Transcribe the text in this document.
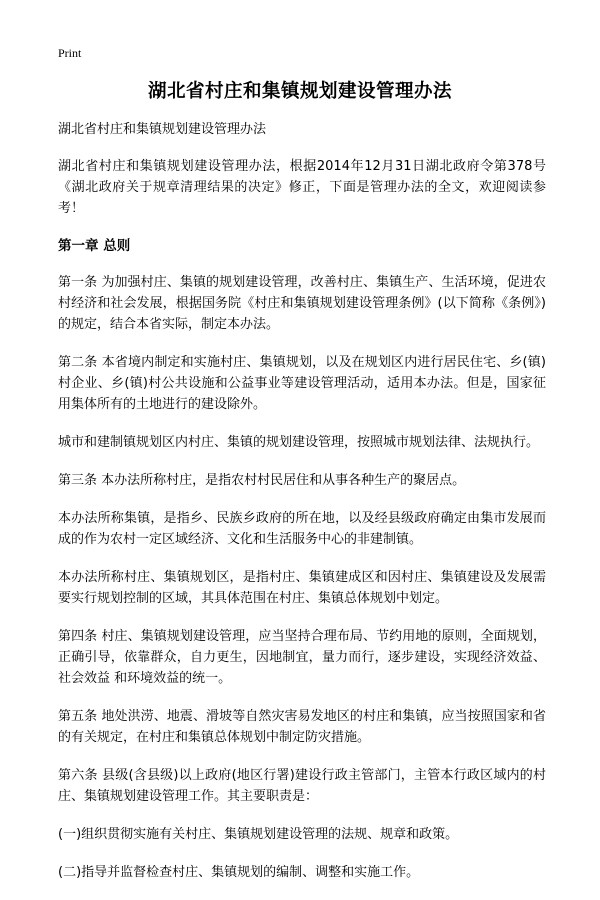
Print
湖北省村庄和集镇规划建设管理办法

湖北省村庄和集镇规划建设管理办法

湖北省村庄和集镇规划建设管理办法，根据2014年12月31日湖北政府令第378号《湖北政府关于规章清理结果的决定》修正，下面是管理办法的全文，欢迎阅读参考！

第一章 总则

第一条 为加强村庄、集镇的规划建设管理，改善村庄、集镇生产、生活环境，促进农村经济和社会发展，根据国务院《村庄和集镇规划建设管理条例》(以下简称《条例》)的规定，结合本省实际，制定本办法。

第二条 本省境内制定和实施村庄、集镇规划，以及在规划区内进行居民住宅、乡(镇)村企业、乡(镇)村公共设施和公益事业等建设管理活动，适用本办法。但是，国家征用集体所有的土地进行的建设除外。

城市和建制镇规划区内村庄、集镇的规划建设管理，按照城市规划法律、法规执行。

第三条 本办法所称村庄，是指农村村民居住和从事各种生产的聚居点。

本办法所称集镇，是指乡、民族乡政府的所在地，以及经县级政府确定由集市发展而成的作为农村一定区域经济、文化和生活服务中心的非建制镇。

本办法所称村庄、集镇规划区，是指村庄、集镇建成区和因村庄、集镇建设及发展需要实行规划控制的区域，其具体范围在村庄、集镇总体规划中划定。

第四条 村庄、集镇规划建设管理，应当坚持合理布局、节约用地的原则，全面规划，正确引导，依靠群众，自力更生，因地制宜，量力而行，逐步建设，实现经济效益、社会效益 和环境效益的统一。

第五条 地处洪涝、地震、滑坡等自然灾害易发地区的村庄和集镇，应当按照国家和省的有关规定，在村庄和集镇总体规划中制定防灾措施。

第六条 县级(含县级)以上政府(地区行署)建设行政主管部门，主管本行政区域内的村庄、集镇规划建设管理工作。其主要职责是：

(一)组织贯彻实施有关村庄、集镇规划建设管理的法规、规章和政策。

(二)指导并监督检查村庄、集镇规划的编制、调整和实施工作。
